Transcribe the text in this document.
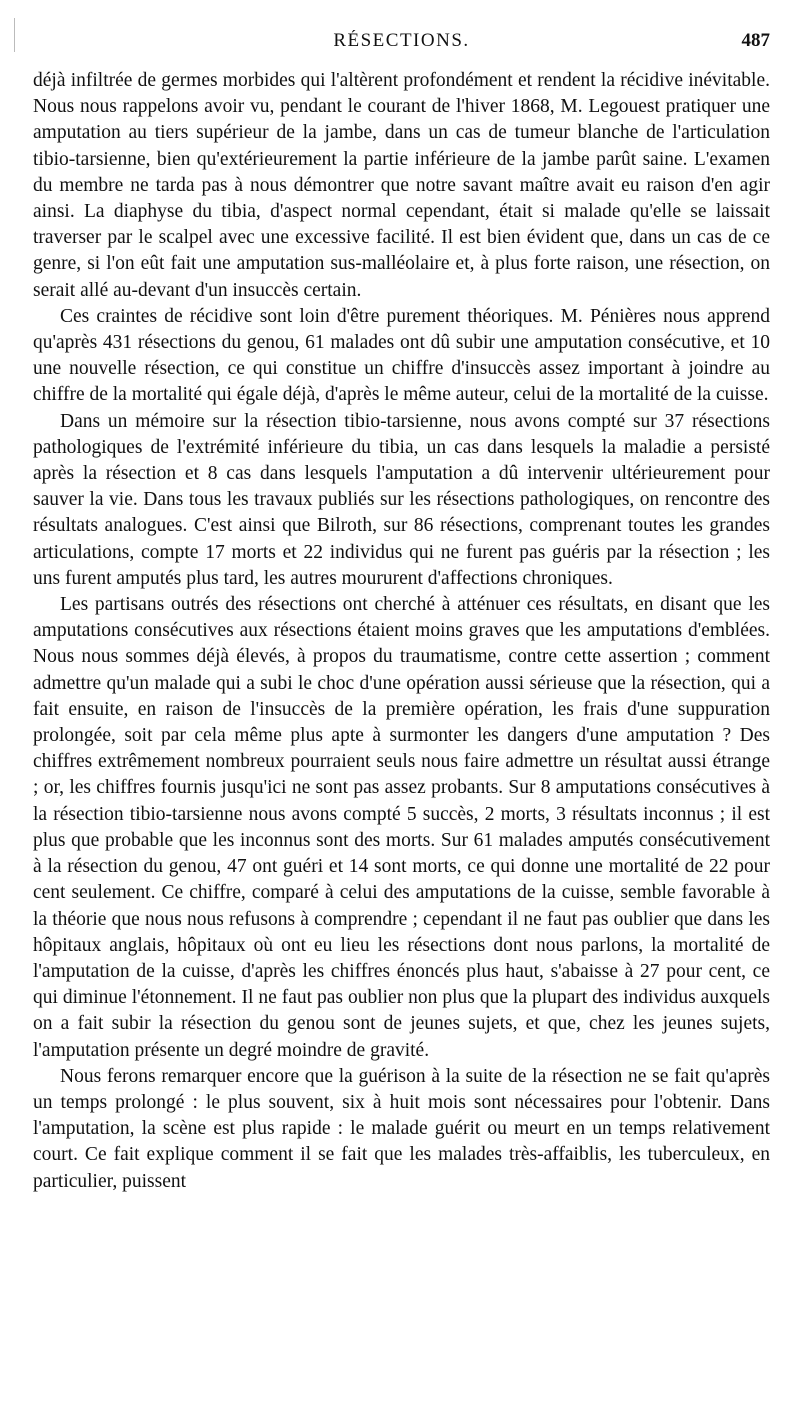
RÉSECTIONS.	487

déjà infiltrée de germes morbides qui l'altèrent profondément et rendent la récidive inévitable. Nous nous rappelons avoir vu, pendant le courant de l'hiver 1868, M. Legouest pratiquer une amputation au tiers supérieur de la jambe, dans un cas de tumeur blanche de l'articulation tibio-tarsienne, bien qu'extérieurement la partie inférieure de la jambe parût saine. L'examen du membre ne tarda pas à nous démontrer que notre savant maître avait eu raison d'en agir ainsi. La diaphyse du tibia, d'aspect normal cependant, était si malade qu'elle se laissait traverser par le scalpel avec une excessive facilité. Il est bien évident que, dans un cas de ce genre, si l'on eût fait une amputation sus-malléolaire et, à plus forte raison, une résection, on serait allé au-devant d'un insuccès certain.

Ces craintes de récidive sont loin d'être purement théoriques. M. Pénières nous apprend qu'après 431 résections du genou, 61 malades ont dû subir une amputation consécutive, et 10 une nouvelle résection, ce qui constitue un chiffre d'insuccès assez important à joindre au chiffre de la mortalité qui égale déjà, d'après le même auteur, celui de la mortalité de la cuisse.

Dans un mémoire sur la résection tibio-tarsienne, nous avons compté sur 37 résections pathologiques de l'extrémité inférieure du tibia, un cas dans lesquels la maladie a persisté après la résection et 8 cas dans lesquels l'amputation a dû intervenir ultérieurement pour sauver la vie. Dans tous les travaux publiés sur les résections pathologiques, on rencontre des résultats analogues. C'est ainsi que Bilroth, sur 86 résections, comprenant toutes les grandes articulations, compte 17 morts et 22 individus qui ne furent pas guéris par la résection ; les uns furent amputés plus tard, les autres moururent d'affections chroniques.

Les partisans outrés des résections ont cherché à atténuer ces résultats, en disant que les amputations consécutives aux résections étaient moins graves que les amputations d'emblées. Nous nous sommes déjà élevés, à propos du traumatisme, contre cette assertion ; comment admettre qu'un malade qui a subi le choc d'une opération aussi sérieuse que la résection, qui a fait ensuite, en raison de l'insuccès de la première opération, les frais d'une suppuration prolongée, soit par cela même plus apte à surmonter les dangers d'une amputation ? Des chiffres extrêmement nombreux pourraient seuls nous faire admettre un résultat aussi étrange ; or, les chiffres fournis jusqu'ici ne sont pas assez probants. Sur 8 amputations consécutives à la résection tibio-tarsienne nous avons compté 5 succès, 2 morts, 3 résultats inconnus ; il est plus que probable que les inconnus sont des morts. Sur 61 malades amputés consécutivement à la résection du genou, 47 ont guéri et 14 sont morts, ce qui donne une mortalité de 22 pour cent seulement. Ce chiffre, comparé à celui des amputations de la cuisse, semble favorable à la théorie que nous nous refusons à comprendre ; cependant il ne faut pas oublier que dans les hôpitaux anglais, hôpitaux où ont eu lieu les résections dont nous parlons, la mortalité de l'amputation de la cuisse, d'après les chiffres énoncés plus haut, s'abaisse à 27 pour cent, ce qui diminue l'étonnement. Il ne faut pas oublier non plus que la plupart des individus auxquels on a fait subir la résection du genou sont de jeunes sujets, et que, chez les jeunes sujets, l'amputation présente un degré moindre de gravité.

Nous ferons remarquer encore que la guérison à la suite de la résection ne se fait qu'après un temps prolongé : le plus souvent, six à huit mois sont nécessaires pour l'obtenir. Dans l'amputation, la scène est plus rapide : le malade guérit ou meurt en un temps relativement court. Ce fait explique comment il se fait que les malades très-affaiblis, les tuberculeux, en particulier, puissent
